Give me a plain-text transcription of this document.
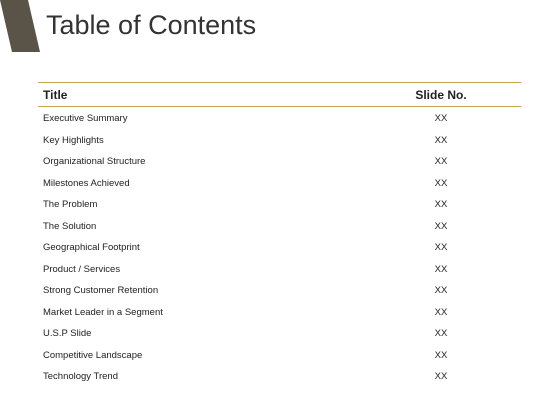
Table of Contents
Title	Slide No.
Executive Summary	XX
Key Highlights	XX
Organizational Structure	XX
Milestones Achieved	XX
The Problem	XX
The Solution	XX
Geographical Footprint	XX
Product / Services	XX
Strong Customer Retention	XX
Market Leader in a Segment	XX
U.S.P Slide	XX
Competitive Landscape	XX
Technology Trend	XX
